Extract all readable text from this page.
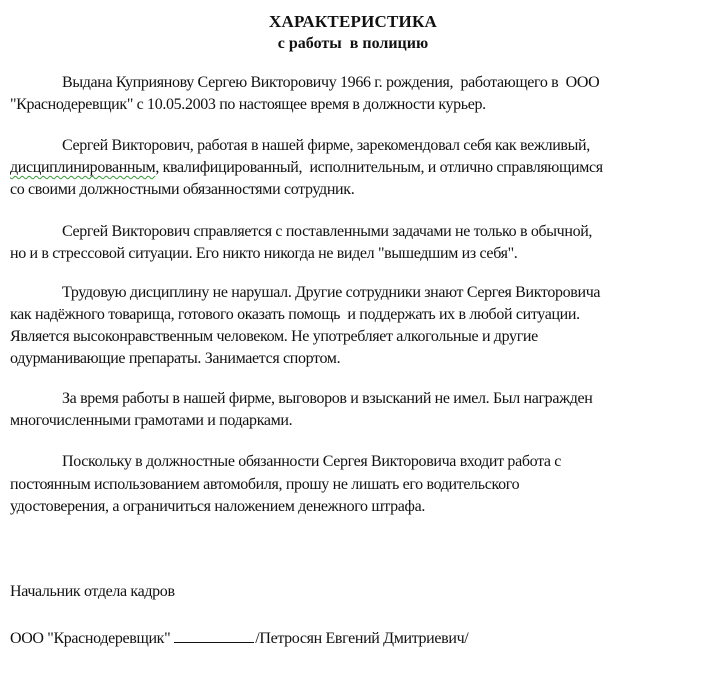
ХАРАКТЕРИСТИКА
с работы  в полицию
Выдана Куприянову Сергею Викторовичу 1966 г. рождения,  работающего в  ООО
"Краснодеревщик" с 10.05.2003 по настоящее время в должности курьер.
Сергей Викторович, работая в нашей фирме, зарекомендовал себя как вежливый,
дисциплинированным, квалифицированный,  исполнительным, и отлично справляющимся
со своими должностными обязанностями сотрудник.
Сергей Викторович справляется с поставленными задачами не только в обычной,
но и в стрессовой ситуации. Его никто никогда не видел "вышедшим из себя".
Трудовую дисциплину не нарушал. Другие сотрудники знают Сергея Викторовича
как надёжного товарища, готового оказать помощь  и поддержать их в любой ситуации.
Является высоконравственным человеком. Не употребляет алкогольные и другие
одурманивающие препараты. Занимается спортом.
За время работы в нашей фирме, выговоров и взысканий не имел. Был награжден
многочисленными грамотами и подарками.
Поскольку в должностные обязанности Сергея Викторовича входит работа с
постоянным использованием автомобиля, прошу не лишать его водительского
удостоверения, а ограничиться наложением денежного штрафа.
Начальник отдела кадров
ООО "Краснодеревщик"	/Петросян Евгений Дмитриевич/
